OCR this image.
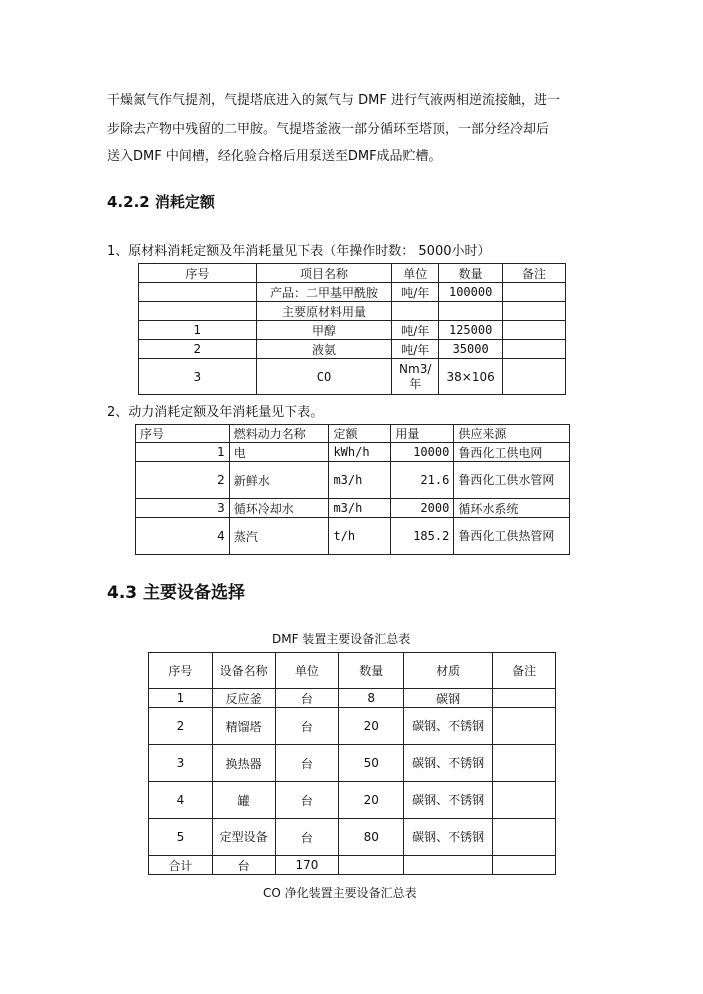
干燥氮气作气提剂，气提塔底进入的氮气与 DMF 进行气液两相逆流接触，进一

步除去产物中残留的二甲胺。气提塔釜液一部分循环至塔顶，一部分经冷却后

送入DMF 中间槽，经化验合格后用泵送至DMF成品贮槽。

4.2.2 消耗定额

1、原材料消耗定额及年消耗量见下表（年操作时数： 5000小时）

序号	项目名称	单位	数量	备注
	产品：二甲基甲酰胺	吨/年	100000	
	主要原材料用量			
1	甲醇	吨/年	125000	
2	液氨	吨/年	35000	
3	CO	Nm3/年	38×106	

2、动力消耗定额及年消耗量见下表。

序号	燃料动力名称	定额	用量	供应来源
1	电	kWh/h	10000	鲁西化工供电网
2	新鲜水	m3/h	21.6	鲁西化工供水管网
3	循环冷却水	m3/h	2000	循环水系统
4	蒸汽	t/h	185.2	鲁西化工供热管网

4.3 主要设备选择

DMF 装置主要设备汇总表

序号	设备名称	单位	数量	材质	备注
1	反应釜	台	8	碳钢	
2	精馏塔	台	20	碳钢、不锈钢	
3	换热器	台	50	碳钢、不锈钢	
4	罐	台	20	碳钢、不锈钢	
5	定型设备	台	80	碳钢、不锈钢	
合计	台	170			

CO 净化装置主要设备汇总表
